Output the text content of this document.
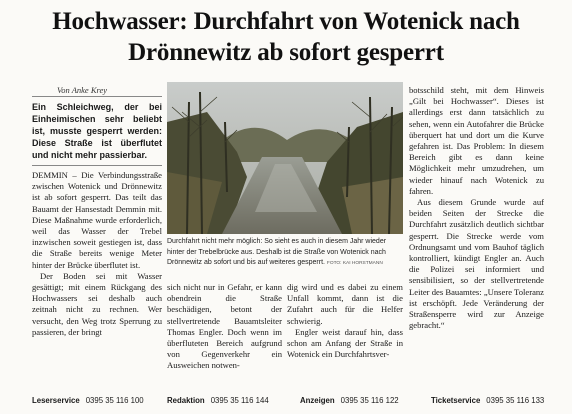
Hochwasser: Durchfahrt von Wotenick nach
Drönnewitz ab sofort gesperrt
Von Anke Krey
Ein Schleichweg, der bei Einheimischen sehr beliebt ist, musste gesperrt werden: Diese Straße ist überflutet und nicht mehr passierbar.

DEMMIN – Die Verbindungsstraße zwischen Wotenick und Drönnewitz ist ab sofort gesperrt. Das teilt das Bauamt der Hansestadt Demmin mit. Diese Maßnahme wurde erforderlich, weil das Wasser der Trebel inzwischen soweit gestiegen ist, dass die Straße bereits wenige Meter hinter der Brücke überflutet ist.

Der Boden sei mit Wasser gesättigt; mit einem Rückgang des Hochwassers sei deshalb auch zeitnah nicht zu rechnen. Wer versucht, den Weg trotz Sperrung zu passieren, der bringt

Durchfahrt nicht mehr möglich: So sieht es auch in diesem Jahr wieder hinter der Trebelbrücke aus. Deshalb ist die Straße von Wotenick nach Drönnewitz ab sofort und bis auf weiteres gesperrt. FOTO: KAI HORSTMANN

sich nicht nur in Gefahr, er kann obendrein die Straße beschädigen, betont der stellvertretende Bauamtsleiter Thomas Engler. Doch wenn im überfluteten Bereich aufgrund von Gegenverkehr ein Ausweichen notwen-

dig wird und es dabei zu einem Unfall kommt, dann ist die Zufahrt auch für die Helfer schwierig.

Engler weist darauf hin, dass schon am Anfang der Straße in Wotenick ein Durchfahrtsver-

botsschild steht, mit dem Hinweis „Gilt bei Hochwasser“. Dieses ist allerdings erst dann tatsächlich zu sehen, wenn ein Autofahrer die Brücke überquert hat und dort um die Kurve gefahren ist. Das Problem: In diesem Bereich gibt es dann keine Möglichkeit mehr umzudrehen, um wieder hinauf nach Wotenick zu fahren.

Aus diesem Grunde wurde auf beiden Seiten der Strecke die Durchfahrt zusätzlich deutlich sichtbar gesperrt. Die Strecke werde vom Ordnungsamt und vom Bauhof täglich kontrolliert, kündigt Engler an. Auch die Polizei sei informiert und sensibilisiert, so der stellvertretende Leiter des Bauamtes: „Unsere Toleranz ist erschöpft. Jede Veränderung der Straßensperre wird zur Anzeige gebracht.“

Leserservice 0395 35 116 100	Redaktion 0395 35 116 144	Anzeigen 0395 35 116 122	Ticketservice 0395 35 116 133
